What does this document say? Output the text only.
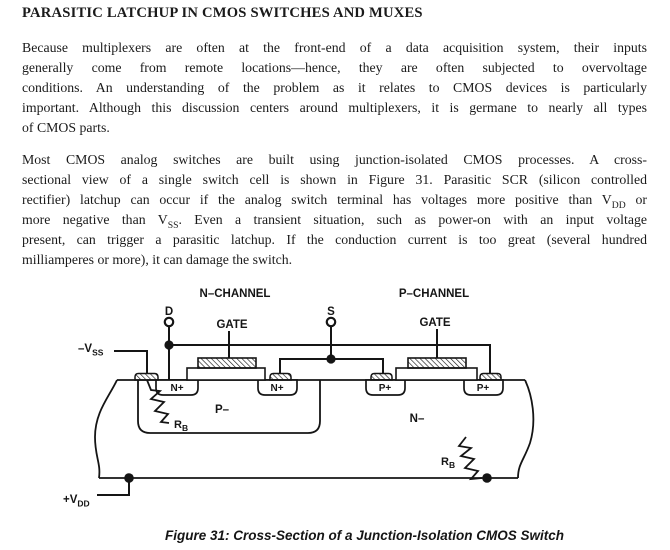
PARASITIC LATCHUP IN CMOS SWITCHES AND MUXES
Because multiplexers are often at the front-end of a data acquisition system, their inputs
generally come from remote locations—hence, they are often subjected to overvoltage
conditions. An understanding of the problem as it relates to CMOS devices is particularly
important. Although this discussion centers around multiplexers, it is germane to nearly all types
of CMOS parts.
Most CMOS analog switches are built using junction-isolated CMOS processes. A cross-
sectional view of a single switch cell is shown in Figure 31. Parasitic SCR (silicon controlled
rectifier) latchup can occur if the analog switch terminal has voltages more positive than $V_{DD}$ or
more negative than $V_{SS}$. Even a transient situation, such as power-on with an input voltage
present, can trigger a parasitic latchup. If the conduction current is too great (several hundred
milliamperes or more), it can damage the switch.
N–CHANNEL	P–CHANNEL
D	S
GATE	GATE
$-V_{SS}$
$+V_{DD}$
N+	N+	P+	P+
P–
N–
$R_B$
$R_B$
Figure 31: Cross-Section of a Junction-Isolation CMOS Switch
